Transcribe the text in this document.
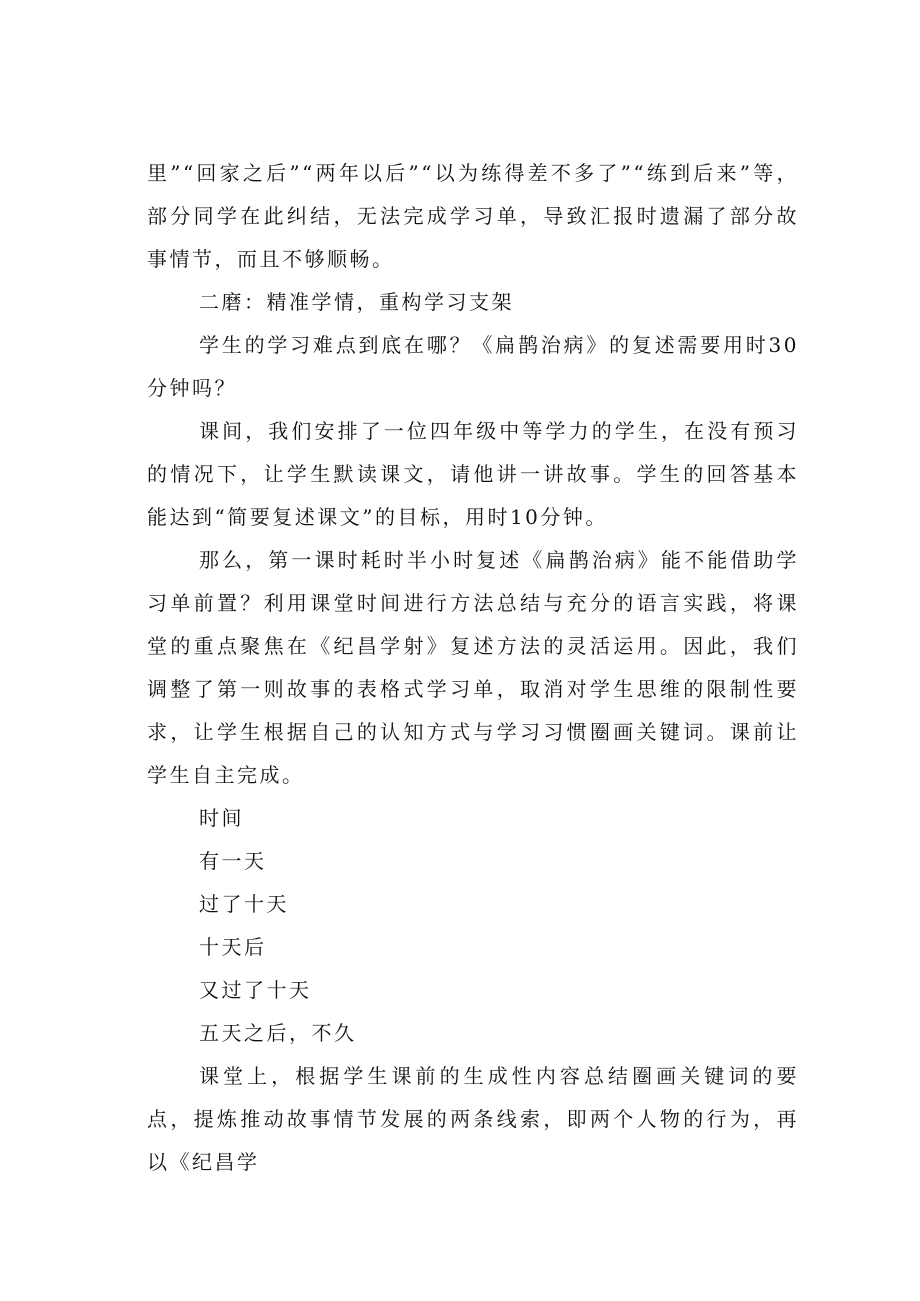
里”“回家之后”“两年以后”“以为练得差不多了”“练到后来”等，部分同学在此纠结，无法完成学习单，导致汇报时遗漏了部分故事情节，而且不够顺畅。

二磨：精准学情，重构学习支架

学生的学习难点到底在哪？《扁鹊治病》的复述需要用时30分钟吗？

课间，我们安排了一位四年级中等学力的学生，在没有预习的情况下，让学生默读课文，请他讲一讲故事。学生的回答基本能达到“简要复述课文”的目标，用时10分钟。

那么，第一课时耗时半小时复述《扁鹊治病》能不能借助学习单前置？利用课堂时间进行方法总结与充分的语言实践，将课堂的重点聚焦在《纪昌学射》复述方法的灵活运用。因此，我们调整了第一则故事的表格式学习单，取消对学生思维的限制性要求，让学生根据自己的认知方式与学习习惯圈画关键词。课前让学生自主完成。

时间

有一天

过了十天

十天后

又过了十天

五天之后，不久

课堂上，根据学生课前的生成性内容总结圈画关键词的要点，提炼推动故事情节发展的两条线索，即两个人物的行为，再以《纪昌学
